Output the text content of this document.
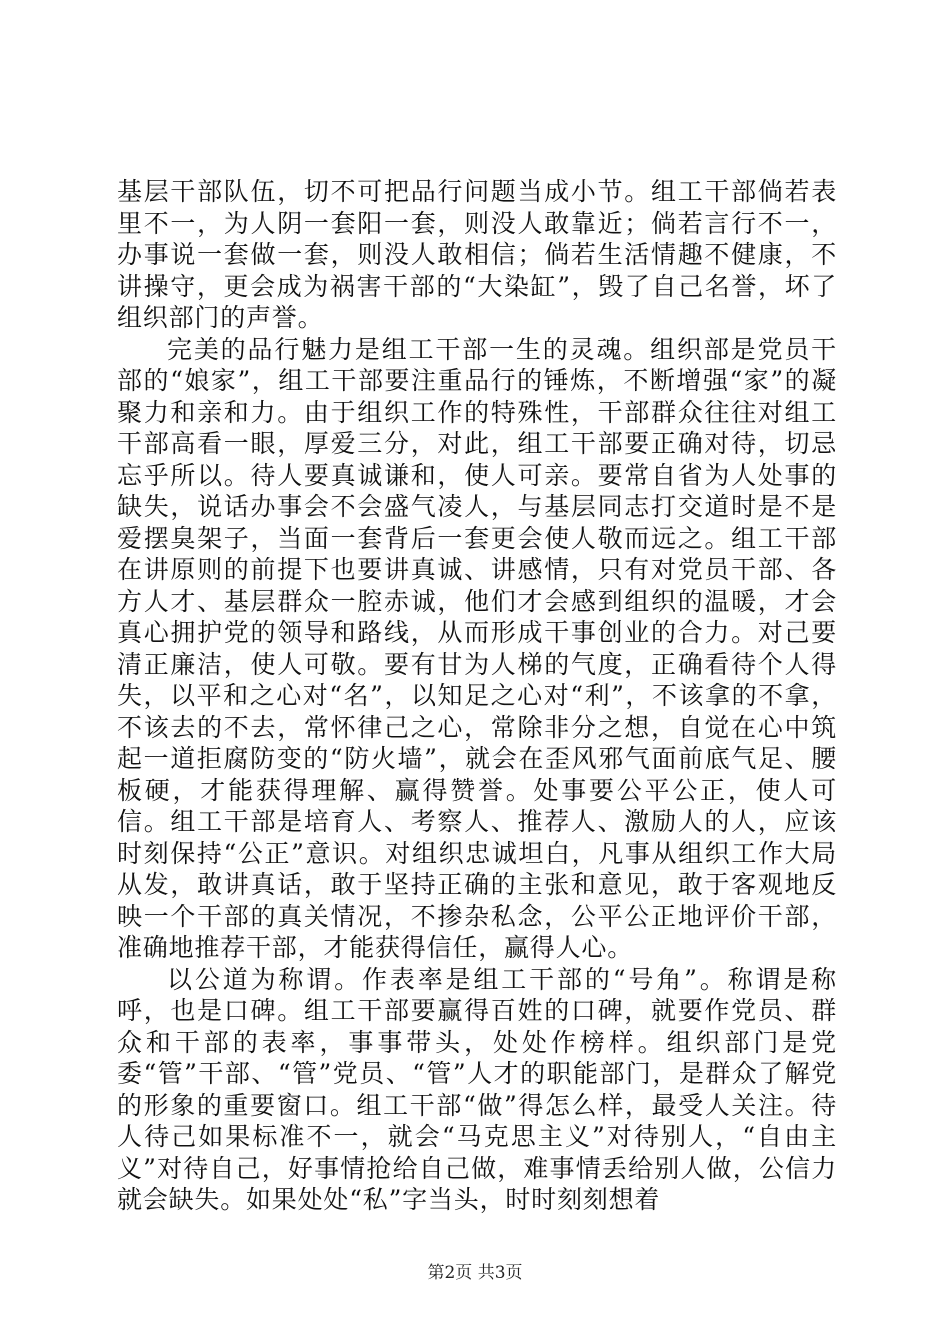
基层干部队伍，切不可把品行问题当成小节。组工干部倘若表里不一，为人阴一套阳一套，则没人敢靠近；倘若言行不一，办事说一套做一套，则没人敢相信；倘若生活情趣不健康，不讲操守，更会成为祸害干部的“大染缸”，毁了自己名誉，坏了组织部门的声誉。

完美的品行魅力是组工干部一生的灵魂。组织部是党员干部的“娘家”，组工干部要注重品行的锤炼，不断增强“家”的凝聚力和亲和力。由于组织工作的特殊性，干部群众往往对组工干部高看一眼，厚爱三分，对此，组工干部要正确对待，切忌忘乎所以。待人要真诚谦和，使人可亲。要常自省为人处事的缺失，说话办事会不会盛气凌人，与基层同志打交道时是不是爱摆臭架子，当面一套背后一套更会使人敬而远之。组工干部在讲原则的前提下也要讲真诚、讲感情，只有对党员干部、各方人才、基层群众一腔赤诚，他们才会感到组织的温暖，才会真心拥护党的领导和路线，从而形成干事创业的合力。对己要清正廉洁，使人可敬。要有甘为人梯的气度，正确看待个人得失，以平和之心对“名”，以知足之心对“利”，不该拿的不拿，不该去的不去，常怀律己之心，常除非分之想，自觉在心中筑起一道拒腐防变的“防火墙”，就会在歪风邪气面前底气足、腰板硬，才能获得理解、赢得赞誉。处事要公平公正，使人可信。组工干部是培育人、考察人、推荐人、激励人的人，应该时刻保持“公正”意识。对组织忠诚坦白，凡事从组织工作大局从发，敢讲真话，敢于坚持正确的主张和意见，敢于客观地反映一个干部的真关情况，不掺杂私念，公平公正地评价干部，准确地推荐干部，才能获得信任，赢得人心。

以公道为称谓。作表率是组工干部的“号角”。称谓是称呼，也是口碑。组工干部要赢得百姓的口碑，就要作党员、群众和干部的表率，事事带头，处处作榜样。组织部门是党委“管”干部、“管”党员、“管”人才的职能部门，是群众了解党的形象的重要窗口。组工干部“做”得怎么样，最受人关注。待人待己如果标准不一，就会“马克思主义”对待别人，“自由主义”对待自己，好事情抢给自己做，难事情丢给别人做，公信力就会缺失。如果处处“私”字当头，时时刻刻想着

第2页 共3页
